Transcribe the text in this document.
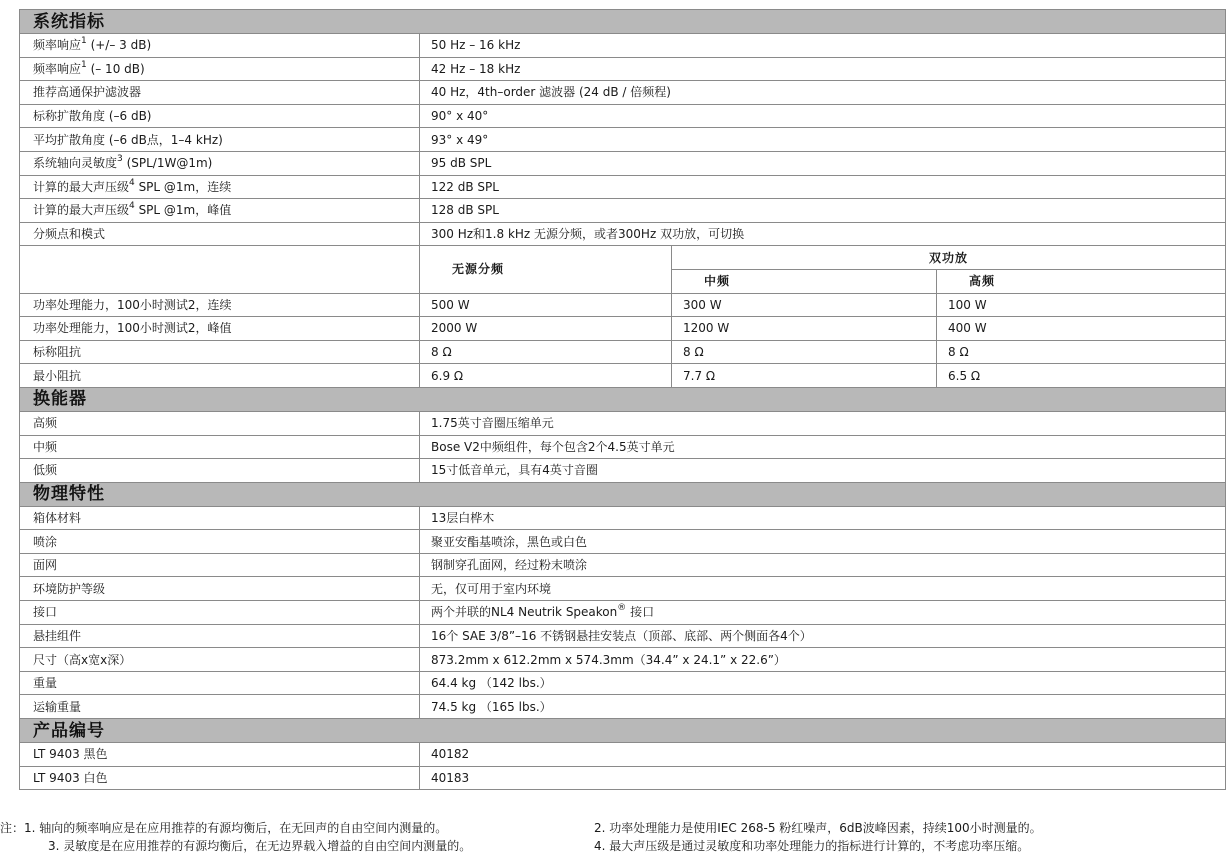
系统指标			
频率响应$^1$ (+/– 3 dB)	50 Hz – 16 kHz		
频率响应$^1$ (– 10 dB)	42 Hz – 18 kHz		
推荐高通保护滤波器	40 Hz，4th–order 滤波器 (24 dB / 倍频程)		
标称扩散角度 (–6 dB)	90° x 40°		
平均扩散角度 (–6 dB点，1–4 kHz)	93° x 49°		
系统轴向灵敏度$^3$ (SPL/1W@1m)	95 dB SPL		
计算的最大声压级$^4$ SPL @1m，连续	122 dB SPL		
计算的最大声压级$^4$ SPL @1m，峰值	128 dB SPL		
分频点和模式	300 Hz和1.8 kHz 无源分频，或者300Hz 双功放，可切换		
	无源分频	双功放	
		中频	高频
功率处理能力，100小时测试2，连续	500 W	300 W	100 W
功率处理能力，100小时测试2，峰值	2000 W	1200 W	400 W
标称阻抗	8 Ω	8 Ω	8 Ω
最小阻抗	6.9 Ω	7.7 Ω	6.5 Ω
换能器			
高频	1.75英寸音圈压缩单元		
中频	Bose V2中频组件，每个包含2个4.5英寸单元		
低频	15寸低音单元，具有4英寸音圈		
物理特性			
箱体材料	13层白桦木		
喷涂	聚亚安酯基喷涂，黑色或白色		
面网	钢制穿孔面网，经过粉末喷涂		
环境防护等级	无，仅可用于室内环境		
接口	两个并联的NL4 Neutrik Speakon® 接口		
悬挂组件	16个 SAE 3/8”–16 不锈钢悬挂安装点（顶部、底部、两个侧面各4个）		
尺寸（高x宽x深）	873.2mm x 612.2mm x 574.3mm（34.4” x 24.1” x 22.6”）		
重量	64.4 kg （142 lbs.）		
运输重量	74.5 kg （165 lbs.）		
产品编号			
LT 9403 黑色	40182		
LT 9403 白色	40183		
注：1. 轴向的频率响应是在应用推荐的有源均衡后，在无回声的自由空间内测量的。	2. 功率处理能力是使用IEC 268-5 粉红噪声，6dB波峰因素，持续100小时测量的。
3. 灵敏度是在应用推荐的有源均衡后，在无边界载入增益的自由空间内测量的。	4. 最大声压级是通过灵敏度和功率处理能力的指标进行计算的，不考虑功率压缩。
